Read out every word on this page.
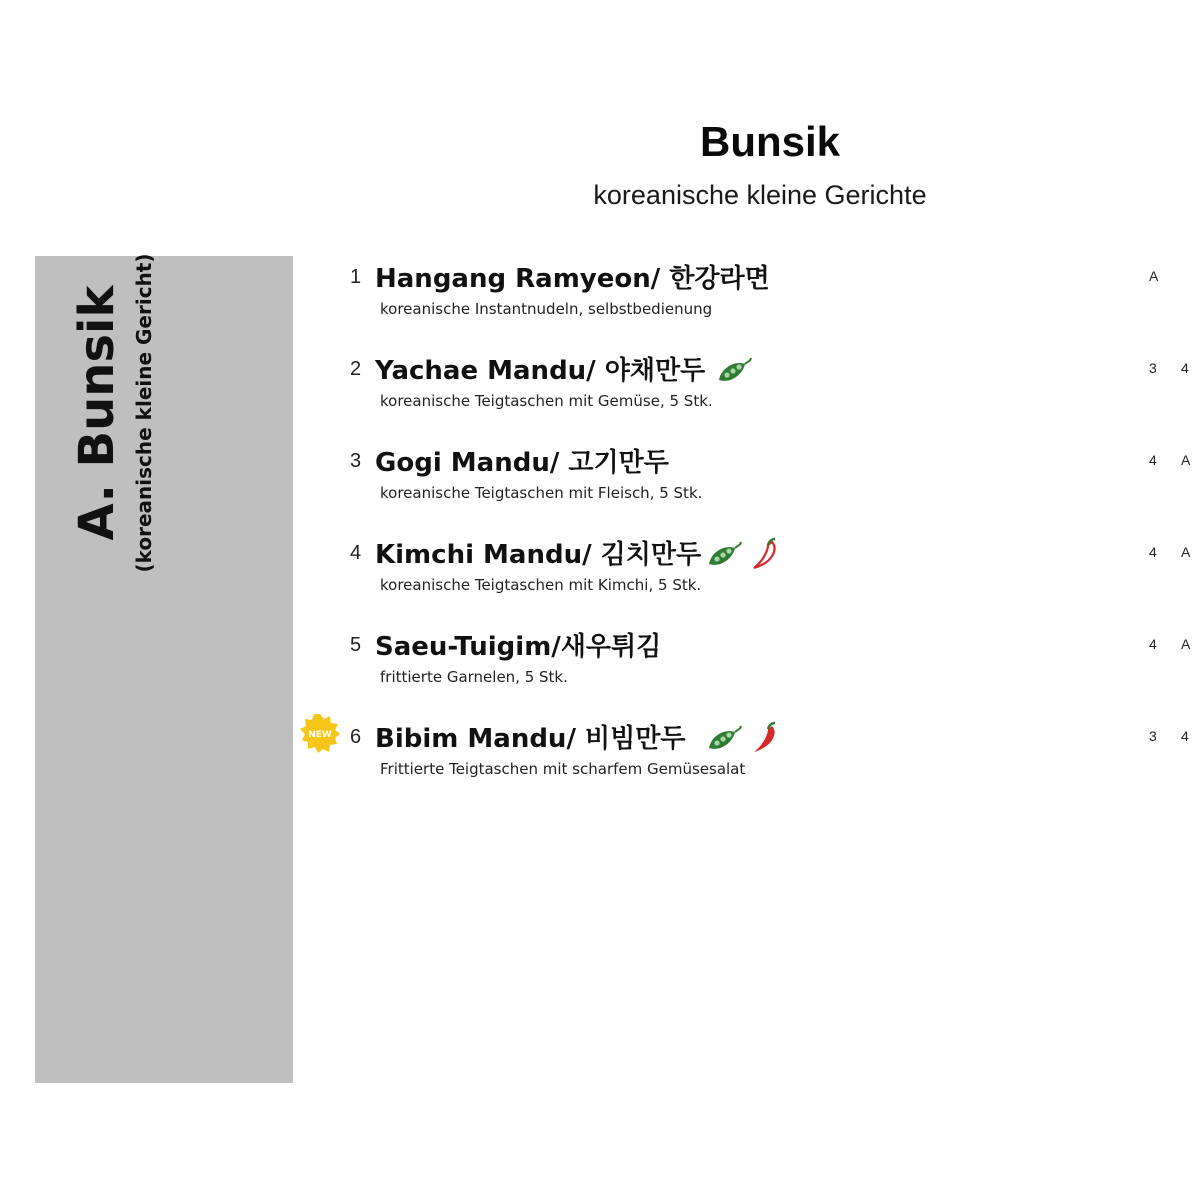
Bunsik
koreanische kleine Gerichte
A. Bunsik (koreanische kleine Gericht)	1 Hangang Ramyeon/ 한강라면
koreanische Instantnudeln, selbstbedienung
A
2 Yachae Mandu/ 야채만두
koreanische Teigtaschen mit Gemüse, 5 Stk.
3 4
3 Gogi Mandu/ 고기만두
koreanische Teigtaschen mit Fleisch, 5 Stk.
4 A
4 Kimchi Mandu/ 김치만두
koreanische Teigtaschen mit Kimchi, 5 Stk.

4 A
5 Saeu-Tuigim/새우튀김
frittierte Garnelen, 5 Stk.
4 A
NEW 6 Bibim Mandu/ 비빔만두
Frittierte Teigtaschen mit scharfem Gemüsesalat

3 4
